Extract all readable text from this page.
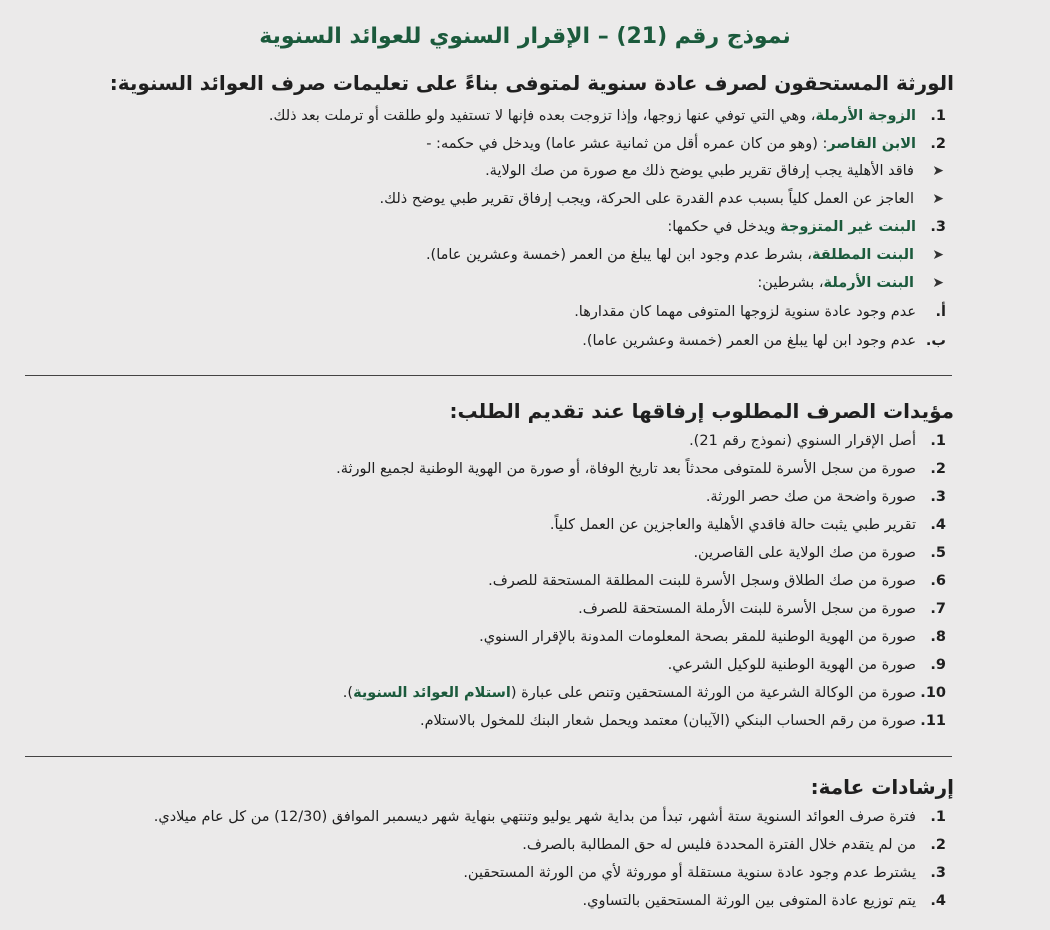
نموذج رقم (21) – الإقرار السنوي للعوائد السنوية
الورثة المستحقون لصرف عادة سنوية لمتوفى بناءً على تعليمات صرف العوائد السنوية:
1.الزوجة الأرملة، وهي التي توفي عنها زوجها، وإذا تزوجت بعده فإنها لا تستفيد ولو طلقت أو ترملت بعد ذلك.
2.الابن القاصر: (وهو من كان عمره أقل من ثمانية عشر عاما) ويدخل في حكمه: -
➤فاقد الأهلية يجب إرفاق تقرير طبي يوضح ذلك مع صورة من صك الولاية.
➤العاجز عن العمل كلياً بسبب عدم القدرة على الحركة، ويجب إرفاق تقرير طبي يوضح ذلك.
3.البنت غير المتزوجة ويدخل في حكمها:
➤البنت المطلقة، بشرط عدم وجود ابن لها يبلغ من العمر (خمسة وعشرين عاما).
➤البنت الأرملة، بشرطين:
أ.عدم وجود عادة سنوية لزوجها المتوفى مهما كان مقدارها.
ب.عدم وجود ابن لها يبلغ من العمر (خمسة وعشرين عاما).
مؤيدات الصرف المطلوب إرفاقها عند تقديم الطلب:
1.أصل الإقرار السنوي (نموذج رقم 21).
2.صورة من سجل الأسرة للمتوفى محدثاً بعد تاريخ الوفاة، أو صورة من الهوية الوطنية لجميع الورثة.
3.صورة واضحة من صك حصر الورثة.
4.تقرير طبي يثبت حالة فاقدي الأهلية والعاجزين عن العمل كلياً.
5.صورة من صك الولاية على القاصرين.
6.صورة من صك الطلاق وسجل الأسرة للبنت المطلقة المستحقة للصرف.
7.صورة من سجل الأسرة للبنت الأرملة المستحقة للصرف.
8.صورة من الهوية الوطنية للمقر بصحة المعلومات المدونة بالإقرار السنوي.
9.صورة من الهوية الوطنية للوكيل الشرعي.
10.صورة من الوكالة الشرعية من الورثة المستحقين وتنص على عبارة (استلام العوائد السنوية).
11.صورة من رقم الحساب البنكي (الآيبان) معتمد ويحمل شعار البنك للمخول بالاستلام.
إرشادات عامة:
1.فترة صرف العوائد السنوية ستة أشهر، تبدأ من بداية شهر يوليو وتنتهي بنهاية شهر ديسمبر الموافق (12/30) من كل عام ميلادي.
2.من لم يتقدم خلال الفترة المحددة فليس له حق المطالبة بالصرف.
3.يشترط عدم وجود عادة سنوية مستقلة أو موروثة لأي من الورثة المستحقين.
4.يتم توزيع عادة المتوفى بين الورثة المستحقين بالتساوي.
